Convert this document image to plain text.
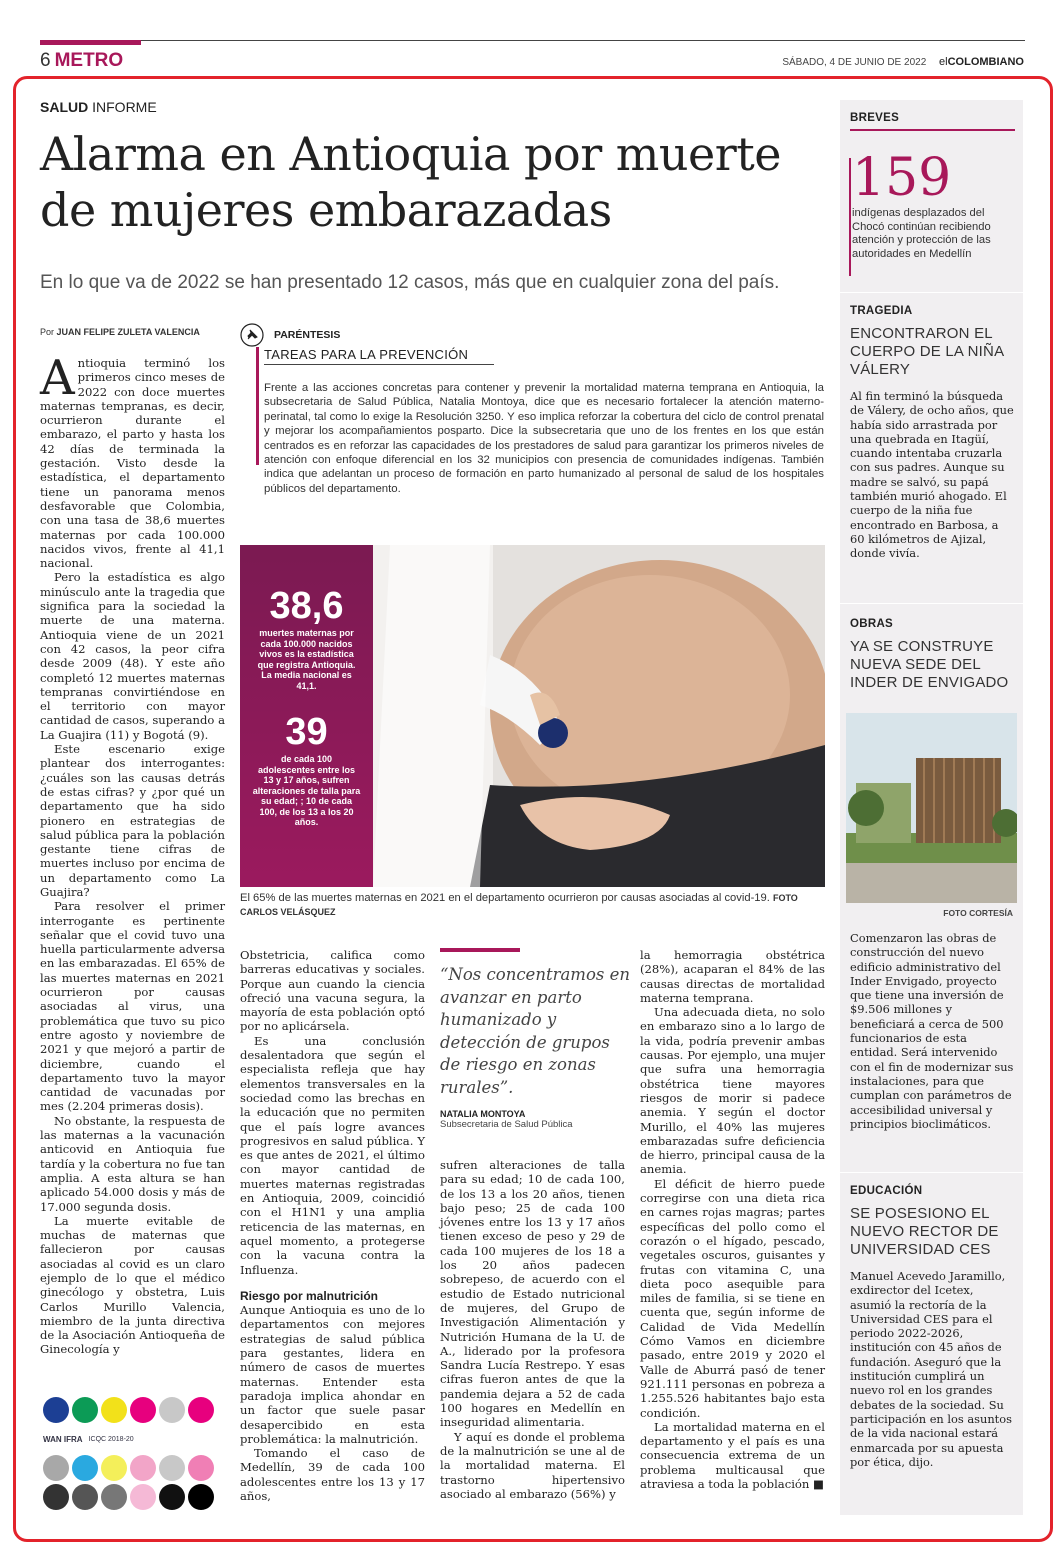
6 METRO	SÁBADO, 4 DE JUNIO DE 2022 elCOLOMBIANO
SALUD INFORME
Alarma en Antioquia por muerte de mujeres embarazadas
En lo que va de 2022 se han presentado 12 casos, más que en cualquier zona del país.
Por JUAN FELIPE ZULETA VALENCIA

Antioquia terminó los primeros cinco meses de 2022 con doce muertes maternas tempranas, es decir, ocurrieron durante el embarazo, el parto y hasta los 42 días de terminada la gestación. Visto desde la estadística, el departamento tiene un panorama menos desfavorable que Colombia, con una tasa de 38,6 muertes maternas por cada 100.000 nacidos vivos, frente al 41,1 nacional.

Pero la estadística es algo minúsculo ante la tragedia que significa para la sociedad la muerte de una materna. Antioquia viene de un 2021 con 42 casos, la peor cifra desde 2009 (48). Y este año completó 12 muertes maternas tempranas convirtiéndose en el territorio con mayor cantidad de casos, superando a La Guajira (11) y Bogotá (9).

Este escenario exige plantear dos interrogantes: ¿cuáles son las causas detrás de estas cifras? y ¿por qué un departamento que ha sido pionero en estrategias de salud pública para la población gestante tiene cifras de muertes incluso por encima de un departamento como La Guajira?

Para resolver el primer interrogante es pertinente señalar que el covid tuvo una huella particularmente adversa en las embarazadas. El 65% de las muertes maternas en 2021 ocurrieron por causas asociadas al virus, una problemática que tuvo su pico entre agosto y noviembre de 2021 y que mejoró a partir de diciembre, cuando el departamento tuvo la mayor cantidad de vacunadas por mes (2.204 primeras dosis).

No obstante, la respuesta de las maternas a la vacunación anticovid en Antioquia fue tardía y la cobertura no fue tan amplia. A esta altura se han aplicado 54.000 dosis y más de 17.000 segunda dosis.

La muerte evitable de muchas de maternas que fallecieron por causas asociadas al covid es un claro ejemplo de lo que el médico ginecólogo y obstetra, Luis Carlos Murillo Valencia, miembro de la junta directiva de la Asociación Antioqueña de Ginecología y

PARÉNTESIS
TAREAS PARA LA PREVENCIÓN
Frente a las acciones concretas para contener y prevenir la mortalidad materna temprana en Antioquia, la subsecretaria de Salud Pública, Natalia Montoya, dice que es necesario fortalecer la atención materno-perinatal, tal como lo exige la Resolución 3250. Y eso implica reforzar la cobertura del ciclo de control prenatal y mejorar los acompañamientos posparto. Dice la subsecretaria que uno de los frentes en los que están centrados es en reforzar las capacidades de los prestadores de salud para garantizar los primeros niveles de atención con enfoque diferencial en los 32 municipios con presencia de comunidades indígenas. También indica que adelantan un proceso de formación en parto humanizado al personal de salud de los hospitales públicos del departamento.
38,6
muertes maternas por cada 100.000 nacidos vivos es la estadística que registra Antioquia. La media nacional es 41,1.
39
de cada 100 adolescentes entre los 13 y 17 años, sufren alteraciones de talla para su edad; ; 10 de cada 100, de los 13 a los 20 años.
El 65% de las muertes maternas en 2021 en el departamento ocurrieron por causas asociadas al covid-19. FOTO CARLOS VELÁSQUEZ

Obstetricia, califica como barreras educativas y sociales. Porque aun cuando la ciencia ofreció una vacuna segura, la mayoría de esta población optó por no aplicársela.

Es una conclusión desalentadora que según el especialista refleja que hay elementos transversales en la sociedad como las brechas en la educación que no permiten que el país logre avances progresivos en salud pública. Y es que antes de 2021, el último con mayor cantidad de muertes maternas registradas en Antioquia, 2009, coincidió con el H1N1 y una amplia reticencia de las maternas, en aquel momento, a protegerse con la vacuna contra la Influenza.

Riesgo por malnutrición

Aunque Antioquia es uno de lo departamentos con mejores estrategias de salud pública para gestantes, lidera en número de casos de muertes maternas. Entender esta paradoja implica ahondar en un factor que suele pasar desapercibido en esta problemática: la malnutrición.

Tomando el caso de Medellín, 39 de cada 100 adolescentes entre los 13 y 17 años,

“Nos concentramos en avanzar en parto humanizado y detección de grupos de riesgo en zonas rurales”.
NATALIA MONTOYA
Subsecretaria de Salud Pública

sufren alteraciones de talla para su edad; 10 de cada 100, de los 13 a los 20 años, tienen bajo peso; 25 de cada 100 jóvenes entre los 13 y 17 años tienen exceso de peso y 29 de cada 100 mujeres de los 18 a los 20 años padecen sobrepeso, de acuerdo con el estudio de Estado nutricional de mujeres, del Grupo de Investigación Alimentación y Nutrición Humana de la U. de A., liderado por la profesora Sandra Lucía Restrepo. Y esas cifras fueron antes de que la pandemia dejara a 52 de cada 100 hogares en Medellín en inseguridad alimentaria.

Y aquí es donde el problema de la malnutrición se une al de la mortalidad materna. El trastorno hipertensivo asociado al embarazo (56%) y

la hemorragia obstétrica (28%), acaparan el 84% de las causas directas de mortalidad materna temprana.

Una adecuada dieta, no solo en embarazo sino a lo largo de la vida, podría prevenir ambas causas. Por ejemplo, una mujer que sufra una hemorragia obstétrica tiene mayores riesgos de morir si padece anemia. Y según el doctor Murillo, el 40% las mujeres embarazadas sufre deficiencia de hierro, principal causa de la anemia.

El déficit de hierro puede corregirse con una dieta rica en carnes rojas magras; partes específicas del pollo como el corazón o el hígado, pescado, vegetales oscuros, guisantes y frutas con vitamina C, una dieta poco asequible para miles de familia, si se tiene en cuenta que, según informe de Calidad de Vida Medellín Cómo Vamos en diciembre pasado, entre 2019 y 2020 el Valle de Aburrá pasó de tener 921.111 personas en pobreza a 1.255.526 habitantes bajo esta condición.

La mortalidad materna en el departamento y el país es una consecuencia extrema de un problema multicausal que atraviesa a toda la población ■

WAN IFRA ICQC 2018-20
BREVES
159
indígenas desplazados del Chocó continúan recibiendo atención y protección de las autoridades en Medellín
TRAGEDIA
ENCONTRARON EL CUERPO DE LA NIÑA VÁLERY
Al fin terminó la búsqueda de Válery, de ocho años, que había sido arrastrada por una quebrada en Itagüí, cuando intentaba cruzarla con sus padres. Aunque su madre se salvó, su papá también murió ahogado. El cuerpo de la niña fue encontrado en Barbosa, a 60 kilómetros de Ajizal, donde vivía.
OBRAS
YA SE CONSTRUYE NUEVA SEDE DEL INDER DE ENVIGADO
FOTO CORTESÍA
Comenzaron las obras de construcción del nuevo edificio administrativo del Inder Envigado, proyecto que tiene una inversión de $9.506 millones y beneficiará a cerca de 500 funcionarios de esta entidad. Será intervenido con el fin de modernizar sus instalaciones, para que cumplan con parámetros de accesibilidad universal y principios bioclimáticos.
EDUCACIÓN
SE POSESIONO EL NUEVO RECTOR DE UNIVERSIDAD CES
Manuel Acevedo Jaramillo, exdirector del Icetex, asumió la rectoría de la Universidad CES para el periodo 2022-2026, institución con 45 años de fundación. Aseguró que la institución cumplirá un nuevo rol en los grandes debates de la sociedad. Su participación en los asuntos de la vida nacional estará enmarcada por su apuesta por ética, dijo.
